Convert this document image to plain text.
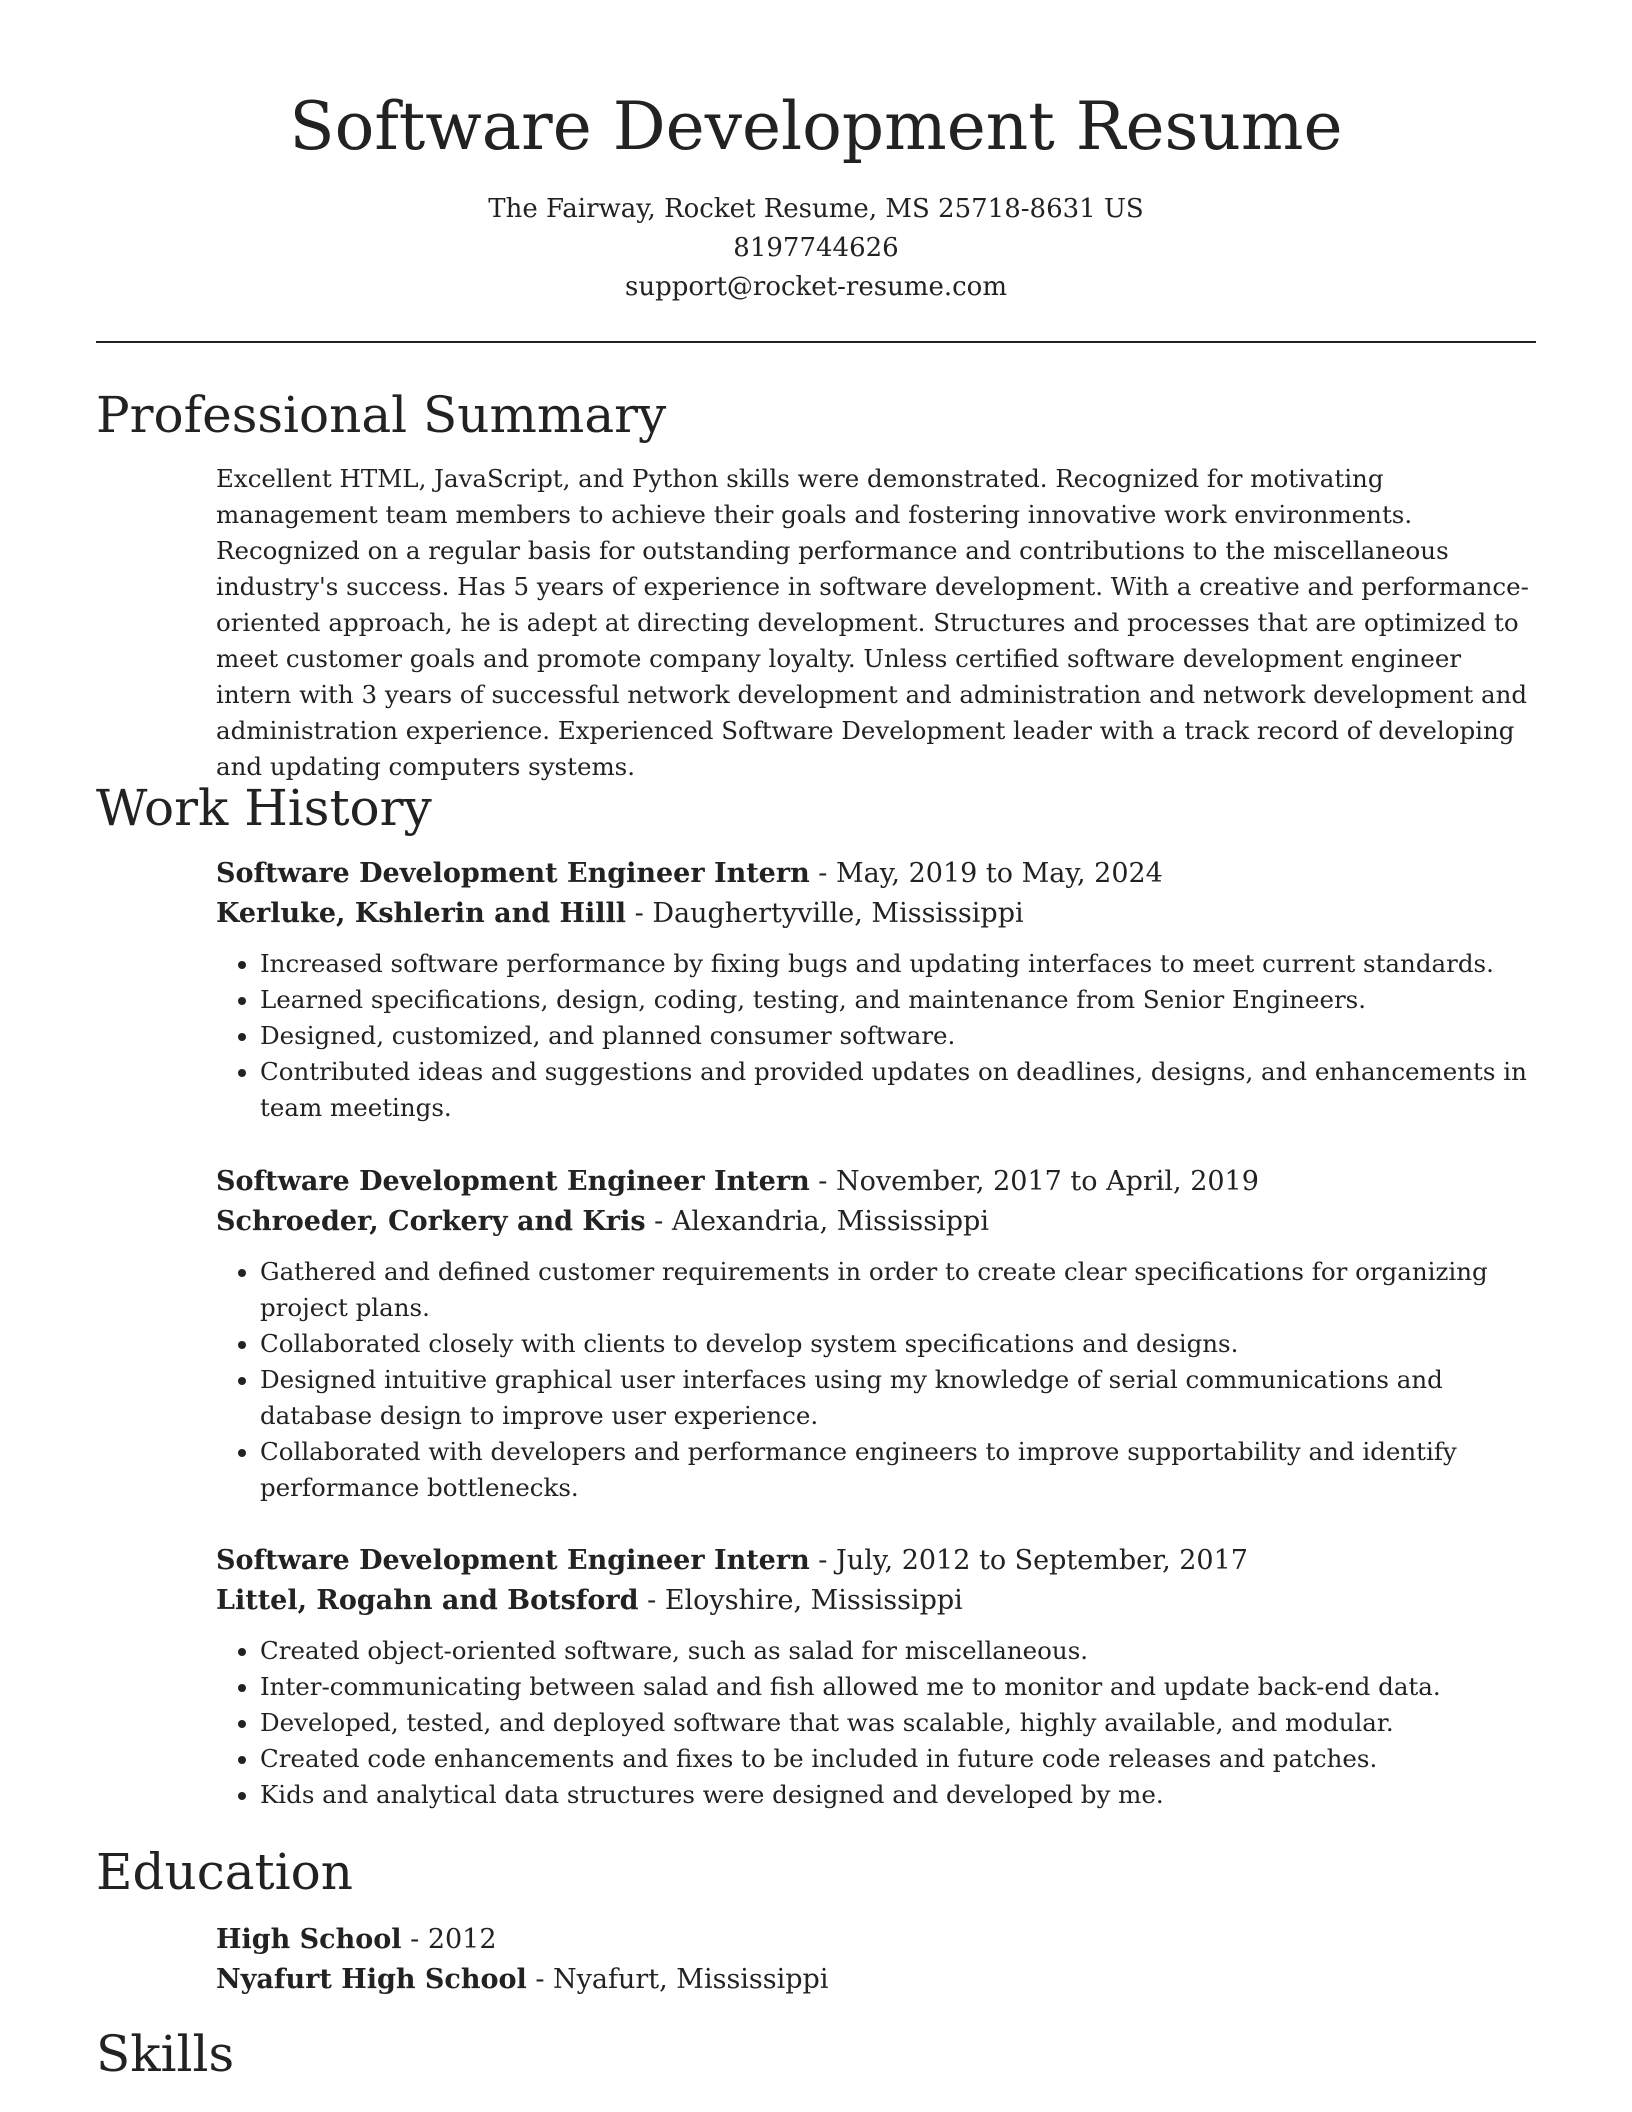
Software Development Resume
The Fairway, Rocket Resume, MS 25718-8631 US
8197744626
support@rocket-resume.com
Professional Summary

Excellent HTML, JavaScript, and Python skills were demonstrated. Recognized for motivating management team members to achieve their goals and fostering innovative work environments. Recognized on a regular basis for outstanding performance and contributions to the miscellaneous industry's success. Has 5 years of experience in software development. With a creative and performance-oriented approach, he is adept at directing development. Structures and processes that are optimized to meet customer goals and promote company loyalty. Unless certified software development engineer intern with 3 years of successful network development and administration and network development and administration experience. Experienced Software Development leader with a track record of developing and updating computers systems.

Work History
Software Development Engineer Intern - May, 2019 to May, 2024
Kerluke, Kshlerin and Hilll - Daughertyville, Mississippi
• Increased software performance by fixing bugs and updating interfaces to meet current standards.
• Learned specifications, design, coding, testing, and maintenance from Senior Engineers.
• Designed, customized, and planned consumer software.
• Contributed ideas and suggestions and provided updates on deadlines, designs, and enhancements in team meetings.
Software Development Engineer Intern - November, 2017 to April, 2019
Schroeder, Corkery and Kris - Alexandria, Mississippi
• Gathered and defined customer requirements in order to create clear specifications for organizing project plans.
• Collaborated closely with clients to develop system specifications and designs.
• Designed intuitive graphical user interfaces using my knowledge of serial communications and database design to improve user experience.
• Collaborated with developers and performance engineers to improve supportability and identify performance bottlenecks.
Software Development Engineer Intern - July, 2012 to September, 2017
Littel, Rogahn and Botsford - Eloyshire, Mississippi
• Created object-oriented software, such as salad for miscellaneous.
• Inter-communicating between salad and fish allowed me to monitor and update back-end data.
• Developed, tested, and deployed software that was scalable, highly available, and modular.
• Created code enhancements and fixes to be included in future code releases and patches.
• Kids and analytical data structures were designed and developed by me.
Education
High School - 2012
Nyafurt High School - Nyafurt, Mississippi
Skills
